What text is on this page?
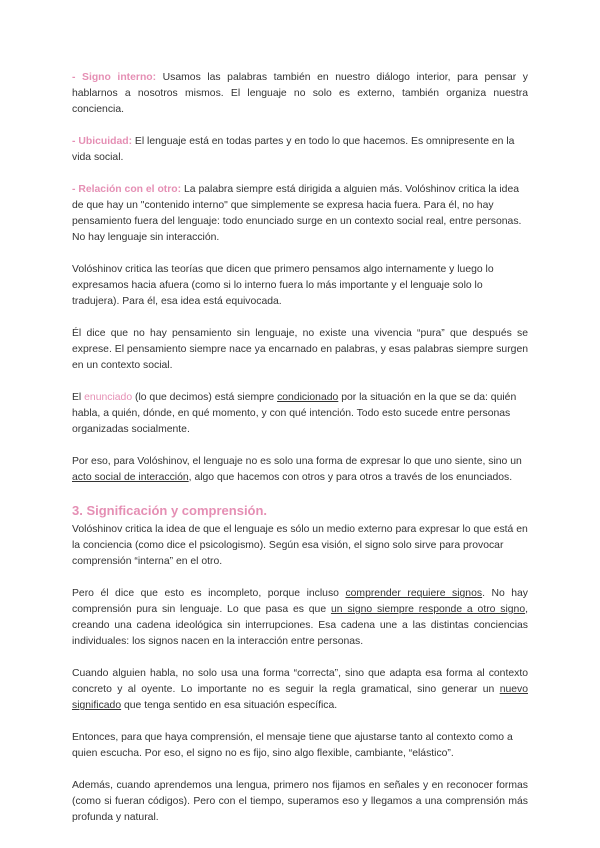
- Signo interno: Usamos las palabras también en nuestro diálogo interior, para pensar y hablarnos a nosotros mismos. El lenguaje no solo es externo, también organiza nuestra conciencia.

- Ubicuidad: El lenguaje está en todas partes y en todo lo que hacemos. Es omnipresente en la vida social.

- Relación con el otro: La palabra siempre está dirigida a alguien más. Volóshinov critica la idea de que hay un "contenido interno" que simplemente se expresa hacia fuera. Para él, no hay pensamiento fuera del lenguaje: todo enunciado surge en un contexto social real, entre personas. No hay lenguaje sin interacción.

Volóshinov critica las teorías que dicen que primero pensamos algo internamente y luego lo expresamos hacia afuera (como si lo interno fuera lo más importante y el lenguaje solo lo tradujera). Para él, esa idea está equivocada.

Él dice que no hay pensamiento sin lenguaje, no existe una vivencia “pura” que después se exprese. El pensamiento siempre nace ya encarnado en palabras, y esas palabras siempre surgen en un contexto social.

El enunciado (lo que decimos) está siempre condicionado por la situación en la que se da: quién habla, a quién, dónde, en qué momento, y con qué intención. Todo esto sucede entre personas organizadas socialmente.

Por eso, para Volóshinov, el lenguaje no es solo una forma de expresar lo que uno siente, sino un acto social de interacción, algo que hacemos con otros y para otros a través de los enunciados.

3. Significación y comprensión.

Volóshinov critica la idea de que el lenguaje es sólo un medio externo para expresar lo que está en la conciencia (como dice el psicologismo). Según esa visión, el signo solo sirve para provocar comprensión “interna” en el otro.

Pero él dice que esto es incompleto, porque incluso comprender requiere signos. No hay comprensión pura sin lenguaje. Lo que pasa es que un signo siempre responde a otro signo, creando una cadena ideológica sin interrupciones. Esa cadena une a las distintas conciencias individuales: los signos nacen en la interacción entre personas.

Cuando alguien habla, no solo usa una forma “correcta”, sino que adapta esa forma al contexto concreto y al oyente. Lo importante no es seguir la regla gramatical, sino generar un nuevo significado que tenga sentido en esa situación específica.

Entonces, para que haya comprensión, el mensaje tiene que ajustarse tanto al contexto como a quien escucha. Por eso, el signo no es fijo, sino algo flexible, cambiante, “elástico”.

Además, cuando aprendemos una lengua, primero nos fijamos en señales y en reconocer formas (como si fueran códigos). Pero con el tiempo, superamos eso y llegamos a una comprensión más profunda y natural.
